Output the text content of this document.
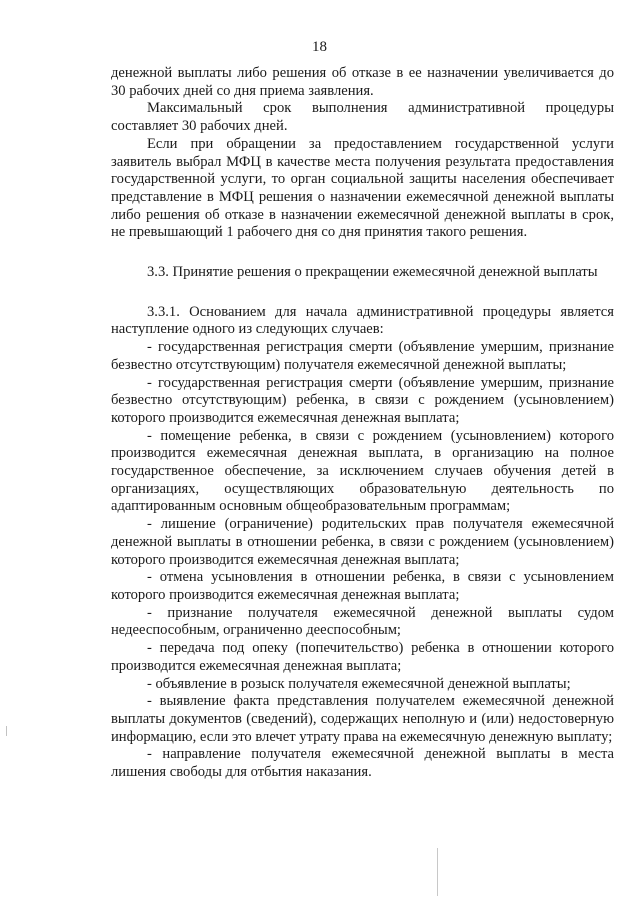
18

денежной выплаты либо решения об отказе в ее назначении увеличивается до 30 рабочих дней со дня приема заявления.

Максимальный срок выполнения административной процедуры составляет 30 рабочих дней.

Если при обращении за предоставлением государственной услуги заявитель выбрал МФЦ в качестве места получения результата предоставления государственной услуги, то орган социальной защиты населения обеспечивает представление в МФЦ решения о назначении ежемесячной денежной выплаты либо решения об отказе в назначении ежемесячной денежной выплаты в срок, не превышающий 1 рабочего дня со дня принятия такого решения.

3.3. Принятие решения о прекращении ежемесячной денежной выплаты

3.3.1. Основанием для начала административной процедуры является наступление одного из следующих случаев:

- государственная регистрация смерти (объявление умершим, признание безвестно отсутствующим) получателя ежемесячной денежной выплаты;

- государственная регистрация смерти (объявление умершим, признание безвестно отсутствующим) ребенка, в связи с рождением (усыновлением) которого производится ежемесячная денежная выплата;

- помещение ребенка, в связи с рождением (усыновлением) которого производится ежемесячная денежная выплата, в организацию на полное государственное обеспечение, за исключением случаев обучения детей в организациях, осуществляющих образовательную деятельность по адаптированным основным общеобразовательным программам;

- лишение (ограничение) родительских прав получателя ежемесячной денежной выплаты в отношении ребенка, в связи с рождением (усыновлением) которого производится ежемесячная денежная выплата;

- отмена усыновления в отношении ребенка, в связи с усыновлением которого производится ежемесячная денежная выплата;

- признание получателя ежемесячной денежной выплаты судом недееспособным, ограниченно дееспособным;

- передача под опеку (попечительство) ребенка в отношении которого производится ежемесячная денежная выплата;

- объявление в розыск получателя ежемесячной денежной выплаты;

- выявление факта представления получателем ежемесячной денежной выплаты документов (сведений), содержащих неполную и (или) недостоверную информацию, если это влечет утрату права на ежемесячную денежную выплату;

- направление получателя ежемесячной денежной выплаты в места лишения свободы для отбытия наказания.
